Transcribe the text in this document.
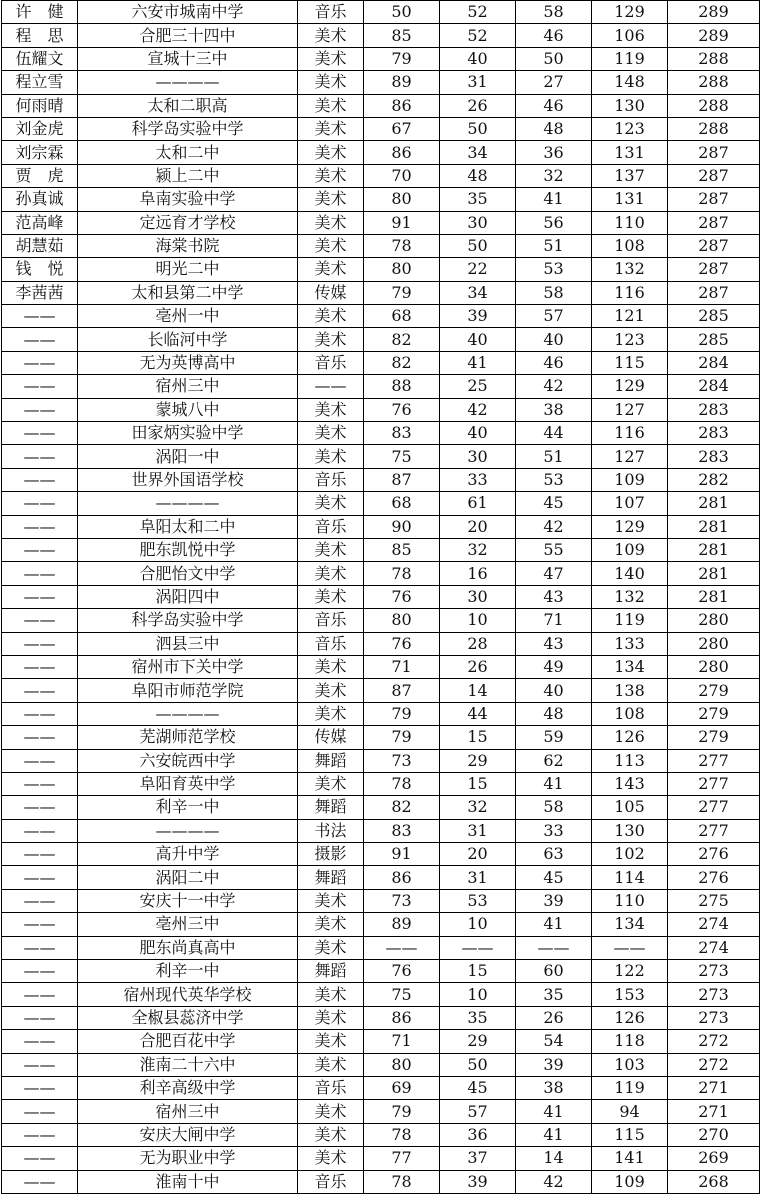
许　健	六安市城南中学	音乐	50	52	58	129	289
程　思	合肥三十四中	美术	85	52	46	106	289
伍耀文	宣城十三中	美术	79	40	50	119	288
程立雪	————	美术	89	31	27	148	288
何雨晴	太和二职高	美术	86	26	46	130	288
刘金虎	科学岛实验中学	美术	67	50	48	123	288
刘宗霖	太和二中	美术	86	34	36	131	287
贾　虎	颍上二中	美术	70	48	32	137	287
孙真诚	阜南实验中学	美术	80	35	41	131	287
范高峰	定远育才学校	美术	91	30	56	110	287
胡慧茹	海棠书院	美术	78	50	51	108	287
钱　悦	明光二中	美术	80	22	53	132	287
李茜茜	太和县第二中学	传媒	79	34	58	116	287
——	亳州一中	美术	68	39	57	121	285
——	长临河中学	美术	82	40	40	123	285
——	无为英博高中	音乐	82	41	46	115	284
——	宿州三中	——	88	25	42	129	284
——	蒙城八中	美术	76	42	38	127	283
——	田家炳实验中学	美术	83	40	44	116	283
——	涡阳一中	美术	75	30	51	127	283
——	世界外国语学校	音乐	87	33	53	109	282
——	————	美术	68	61	45	107	281
——	阜阳太和二中	音乐	90	20	42	129	281
——	肥东凯悦中学	美术	85	32	55	109	281
——	合肥怡文中学	美术	78	16	47	140	281
——	涡阳四中	美术	76	30	43	132	281
——	科学岛实验中学	音乐	80	10	71	119	280
——	泗县三中	音乐	76	28	43	133	280
——	宿州市下关中学	美术	71	26	49	134	280
——	阜阳市师范学院	美术	87	14	40	138	279
——	————	美术	79	44	48	108	279
——	芜湖师范学校	传媒	79	15	59	126	279
——	六安皖西中学	舞蹈	73	29	62	113	277
——	阜阳育英中学	美术	78	15	41	143	277
——	利辛一中	舞蹈	82	32	58	105	277
——	————	书法	83	31	33	130	277
——	高升中学	摄影	91	20	63	102	276
——	涡阳二中	舞蹈	86	31	45	114	276
——	安庆十一中学	美术	73	53	39	110	275
——	亳州三中	美术	89	10	41	134	274
——	肥东尚真高中	美术	——	——	——	——	274
——	利辛一中	舞蹈	76	15	60	122	273
——	宿州现代英华学校	美术	75	10	35	153	273
——	全椒县蕊济中学	美术	86	35	26	126	273
——	合肥百花中学	美术	71	29	54	118	272
——	淮南二十六中	美术	80	50	39	103	272
——	利辛高级中学	音乐	69	45	38	119	271
——	宿州三中	美术	79	57	41	94	271
——	安庆大闸中学	美术	78	36	41	115	270
——	无为职业中学	美术	77	37	14	141	269
——	淮南十中	音乐	78	39	42	109	268
